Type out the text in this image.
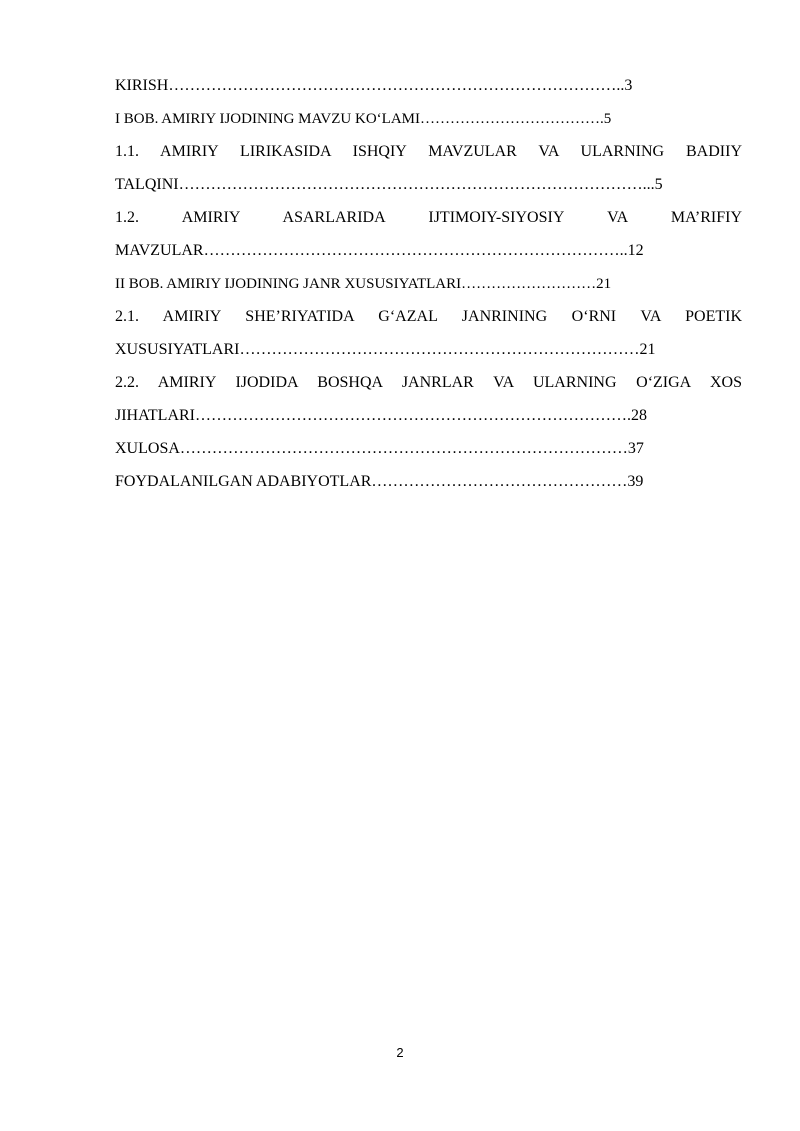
KIRISH…………………………………………………………………………..3
I BOB. AMIRIY IJODINING MAVZU KO‘LAMI……………………………….5
1.1. AMIRIY LIRIKASIDA ISHQIY MAVZULAR VA ULARNING BADIIY
TALQINI……………………………………………………………………………...5
1.2. AMIRIY ASARLARIDA IJTIMOIY-SIYOSIY VA MA’RIFIY
MAVZULAR……………………………………………………………………..12
II BOB. AMIRIY IJODINING JANR XUSUSIYATLARI………………………21
2.1. AMIRIY SHE’RIYATIDA G‘AZAL JANRINING O‘RNI VA POETIK
XUSUSIYATLARI…………………………………………………………………21
2.2. AMIRIY IJODIDA BOSHQA JANRLAR VA ULARNING O‘ZIGA XOS
JIHATLARI……………………………………………………………………….28
XULOSA…………………………………………………………………………37
FOYDALANILGAN ADABIYOTLAR…………………………………………39
2
